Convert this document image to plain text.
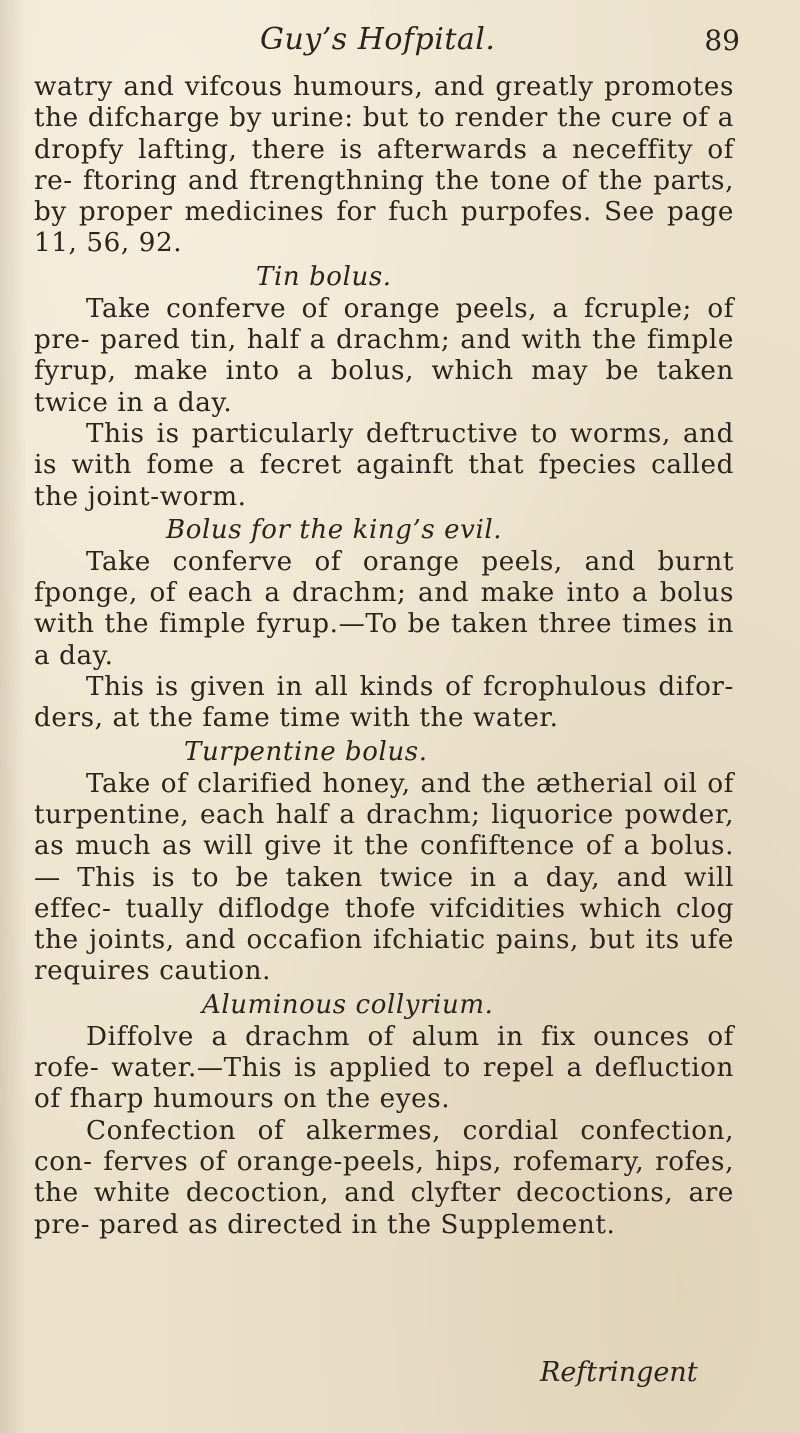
Guy’s Hofpital.	89

watry and vifcous humours, and greatly promotes the difcharge by urine: but to render the cure of a dropfy lafting, there is afterwards a neceffity of re- ftoring and ftrengthning the tone of the parts, by proper medicines for fuch purpofes. See page 11, 56, 92.

Tin bolus.

Take conferve of orange peels, a fcruple; of pre- pared tin, half a drachm; and with the fimple fyrup, make into a bolus, which may be taken twice in a day.

This is particularly deftructive to worms, and is with fome a fecret againft that fpecies called the joint-worm.

Bolus for the king’s evil.

Take conferve of orange peels, and burnt fponge, of each a drachm; and make into a bolus with the fimple fyrup.—To be taken three times in a day.

This is given in all kinds of fcrophulous difor- ders, at the fame time with the water.

Turpentine bolus.

Take of clarified honey, and the ætherial oil of turpentine, each half a drachm; liquorice powder, as much as will give it the confiftence of a bolus.— This is to be taken twice in a day, and will effec- tually diflodge thofe vifcidities which clog the joints, and occafion ifchiatic pains, but its ufe requires caution.

Aluminous collyrium.

Diffolve a drachm of alum in fix ounces of rofe- water.—This is applied to repel a defluction of fharp humours on the eyes.

Confection of alkermes, cordial confection, con- ferves of orange-peels, hips, rofemary, rofes, the white decoction, and clyfter decoctions, are pre- pared as directed in the Supplement.

Reftringent
